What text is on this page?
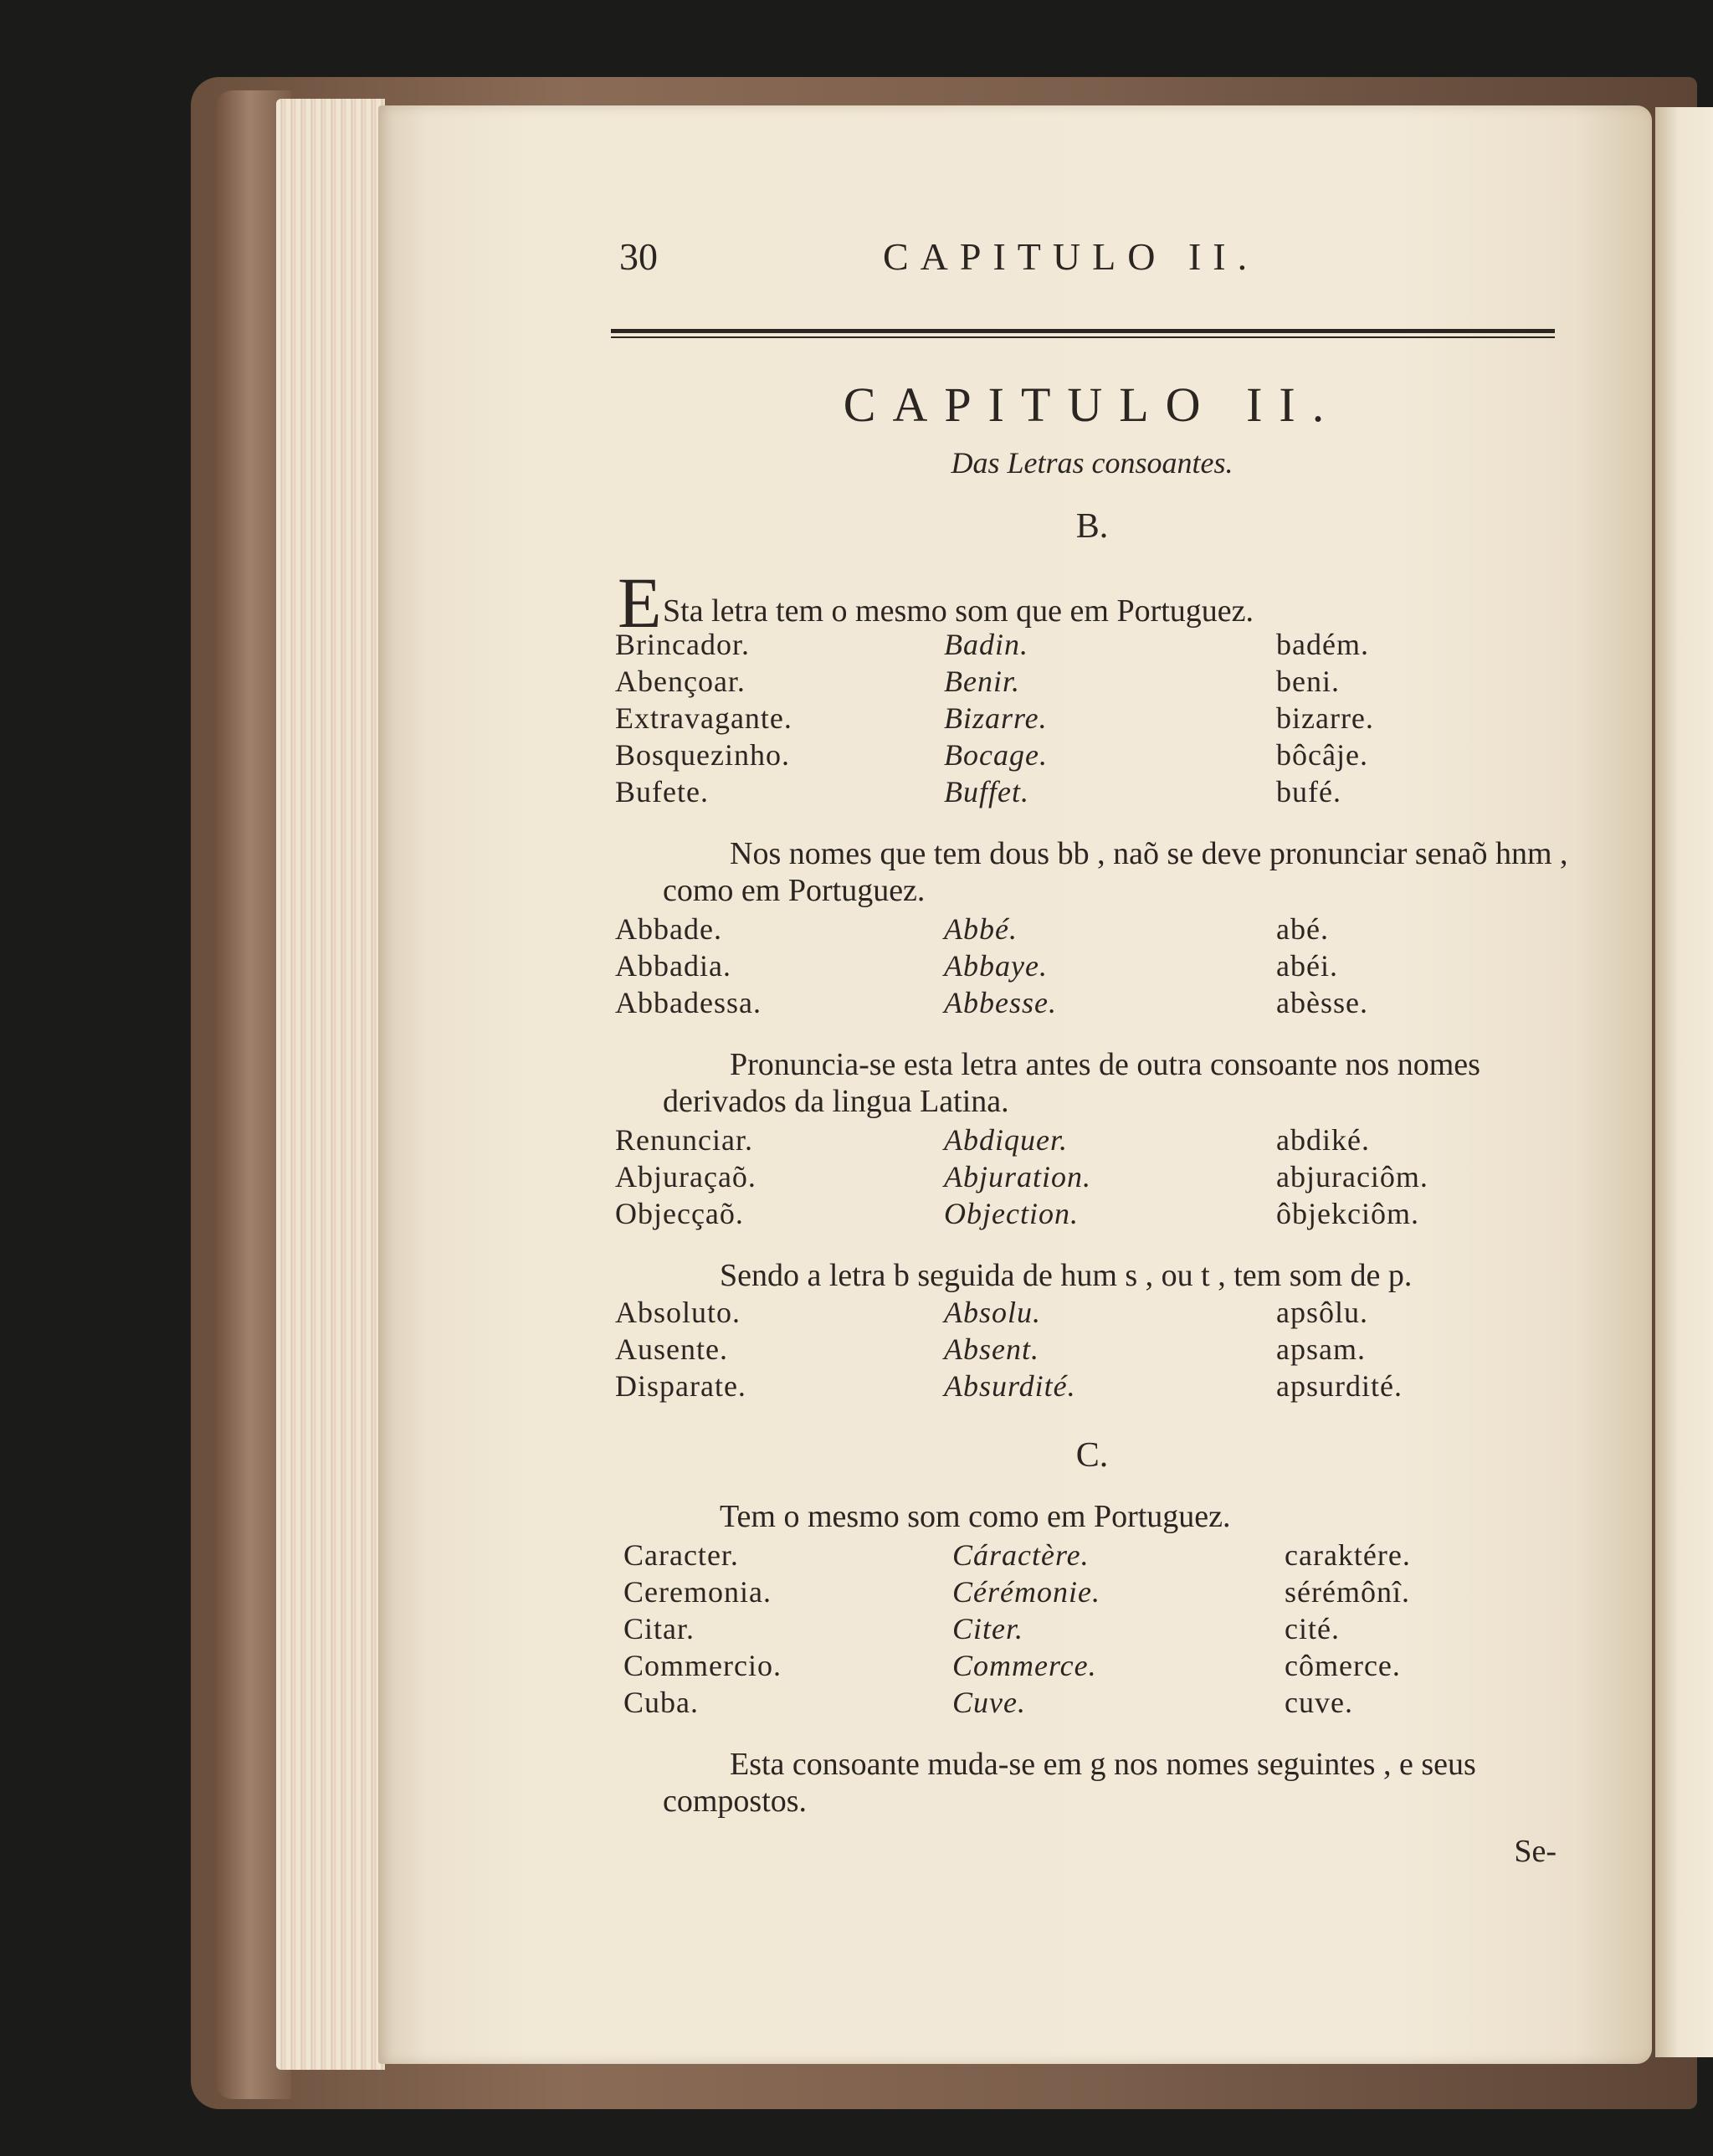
30	CAPITULO II.
CAPITULO II.
Das Letras consoantes.
B.
E Sta letra tem o mesmo som que em Portuguez.
Brincador.	Badin.	badém.
Abençoar.	Benir.	beni.
Extravagante.	Bizarre.	bizarre.
Bosquezinho.	Bocage.	bôcâje.
Bufete.	Buffet.	bufé.
Nos nomes que tem dous bb , naõ se deve pronunciar senaõ hnm , como em Portuguez.
Abbade.	Abbé.	abé.
Abbadia.	Abbaye.	abéi.
Abbadessa.	Abbesse.	abèsse.
Pronuncia-se esta letra antes de outra consoante nos nomes derivados da lingua Latina.
Renunciar.	Abdiquer.	abdiké.
Abjuraçaõ.	Abjuration.	abjuraciôm.
Objecçaõ.	Objection.	ôbjekciôm.
Sendo a letra b seguida de hum s , ou t , tem som de p.
Absoluto.	Absolu.	apsôlu.
Ausente.	Absent.	apsam.
Disparate.	Absurdité.	apsurdité.
C.
Tem o mesmo som como em Portuguez.
Caracter.	Cáractère.	caraktére.
Ceremonia.	Cérémonie.	sérémônî.
Citar.	Citer.	cité.
Commercio.	Commerce.	cômerce.
Cuba.	Cuve.	cuve.
Esta consoante muda-se em g nos nomes seguintes , e seus compostos.
Se-
